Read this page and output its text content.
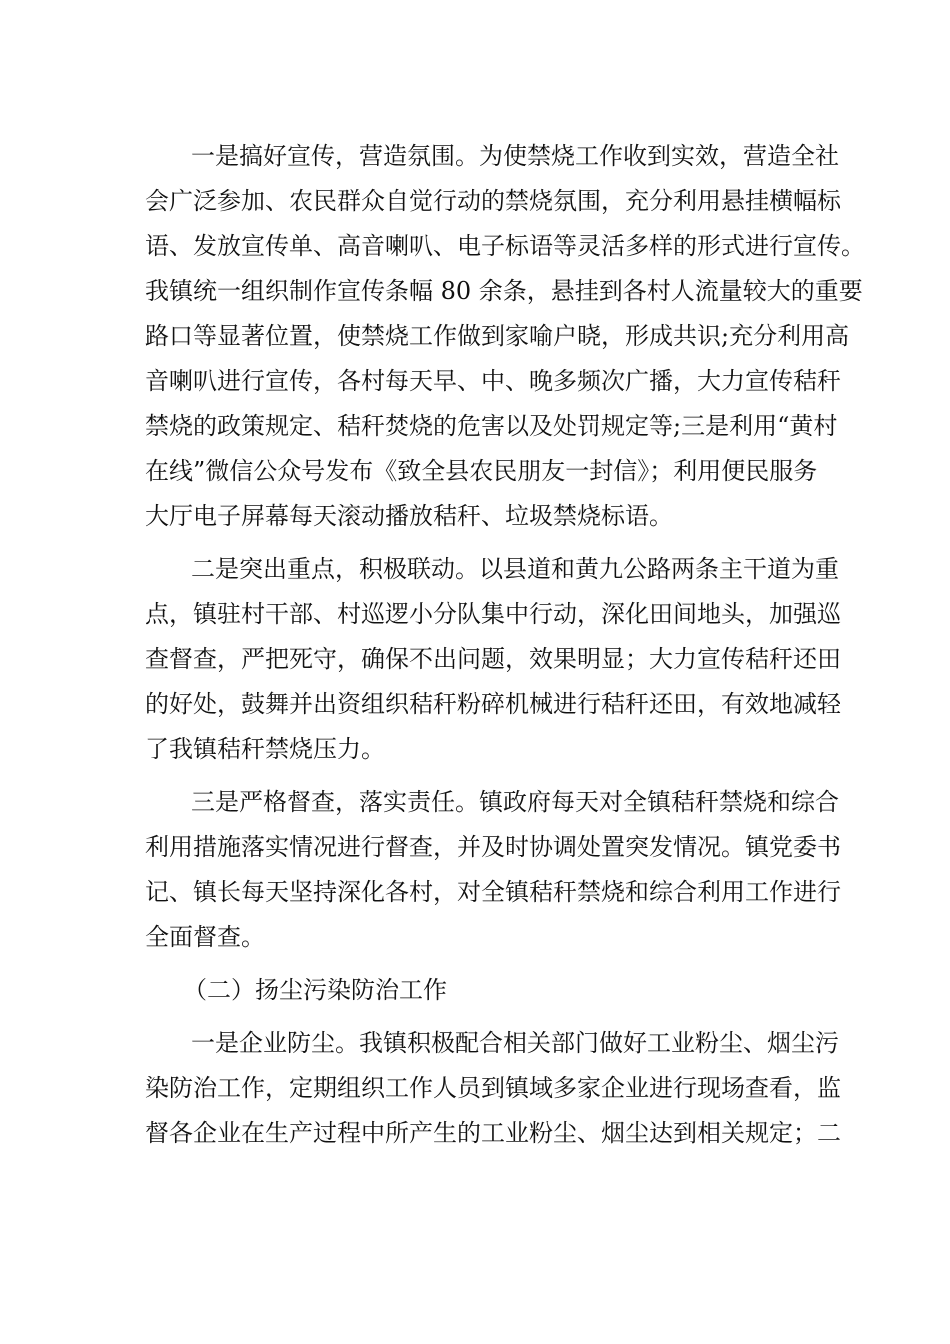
一是搞好宣传，营造氛围。为使禁烧工作收到实效，营造全社
会广泛参加、农民群众自觉行动的禁烧氛围，充分利用悬挂横幅标
语、发放宣传单、高音喇叭、电子标语等灵活多样的形式进行宣传。
我镇统一组织制作宣传条幅 80 余条，悬挂到各村人流量较大的重要
路口等显著位置，使禁烧工作做到家喻户晓，形成共识;充分利用高
音喇叭进行宣传，各村每天早、中、晚多频次广播，大力宣传秸秆
禁烧的政策规定、秸秆焚烧的危害以及处罚规定等;三是利用“黄村
在线”微信公众号发布《致全县农民朋友一封信》；利用便民服务
大厅电子屏幕每天滚动播放秸秆、垃圾禁烧标语。
二是突出重点，积极联动。以县道和黄九公路两条主干道为重
点，镇驻村干部、村巡逻小分队集中行动，深化田间地头，加强巡
查督查，严把死守，确保不出问题，效果明显；大力宣传秸秆还田
的好处，鼓舞并出资组织秸秆粉碎机械进行秸秆还田，有效地减轻
了我镇秸秆禁烧压力。
三是严格督查，落实责任。镇政府每天对全镇秸秆禁烧和综合
利用措施落实情况进行督查，并及时协调处置突发情况。镇党委书
记、镇长每天坚持深化各村，对全镇秸秆禁烧和综合利用工作进行
全面督查。
（二）扬尘污染防治工作
一是企业防尘。我镇积极配合相关部门做好工业粉尘、烟尘污
染防治工作，定期组织工作人员到镇域多家企业进行现场查看，监
督各企业在生产过程中所产生的工业粉尘、烟尘达到相关规定；二
